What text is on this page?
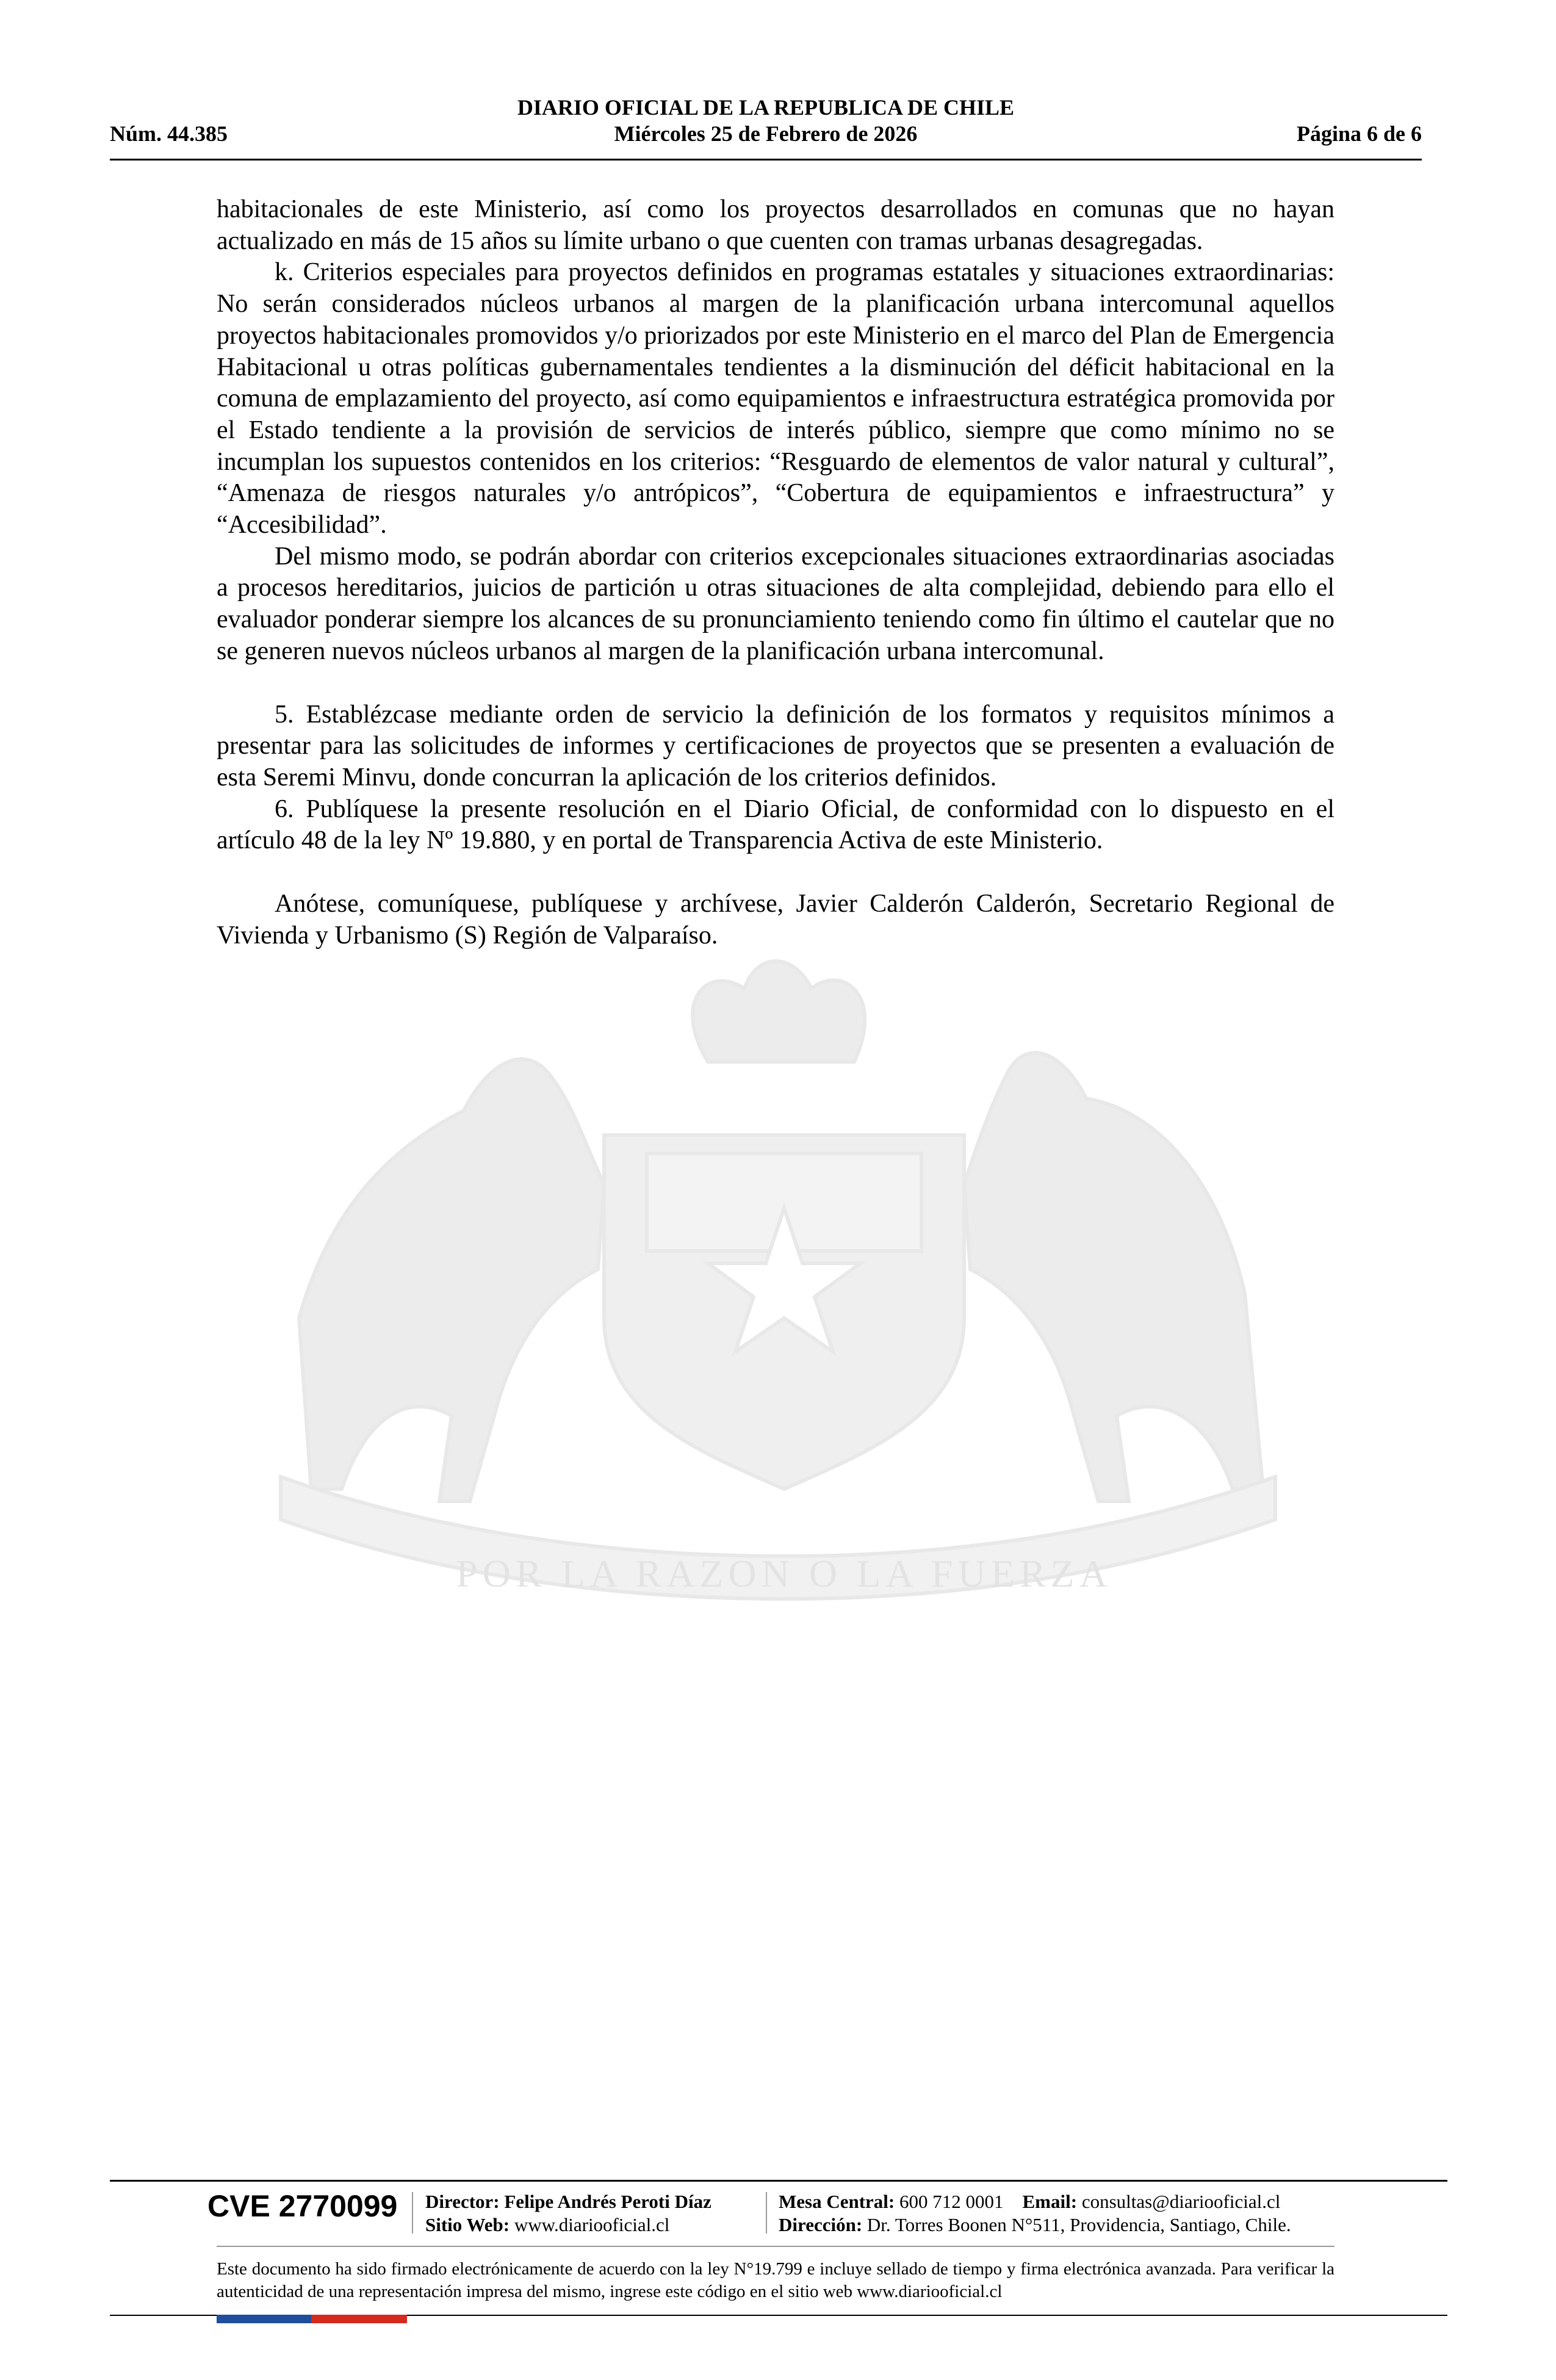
DIARIO OFICIAL DE LA REPUBLICA DE CHILE
Núm. 44.385	Miércoles 25 de Febrero de 2026	Página 6 de 6
POR LA RAZON O LA FUERZA

habitacionales de este Ministerio, así como los proyectos desarrollados en comunas que no hayan actualizado en más de 15 años su límite urbano o que cuenten con tramas urbanas desagregadas.

k. Criterios especiales para proyectos definidos en programas estatales y situaciones extraordinarias: No serán considerados núcleos urbanos al margen de la planificación urbana intercomunal aquellos proyectos habitacionales promovidos y/o priorizados por este Ministerio en el marco del Plan de Emergencia Habitacional u otras políticas gubernamentales tendientes a la disminución del déficit habitacional en la comuna de emplazamiento del proyecto, así como equipamientos e infraestructura estratégica promovida por el Estado tendiente a la provisión de servicios de interés público, siempre que como mínimo no se incumplan los supuestos contenidos en los criterios: “Resguardo de elementos de valor natural y cultural”, “Amenaza de riesgos naturales y/o antrópicos”, “Cobertura de equipamientos e infraestructura” y “Accesibilidad”.

Del mismo modo, se podrán abordar con criterios excepcionales situaciones extraordinarias asociadas a procesos hereditarios, juicios de partición u otras situaciones de alta complejidad, debiendo para ello el evaluador ponderar siempre los alcances de su pronunciamiento teniendo como fin último el cautelar que no se generen nuevos núcleos urbanos al margen de la planificación urbana intercomunal.

5. Establézcase mediante orden de servicio la definición de los formatos y requisitos mínimos a presentar para las solicitudes de informes y certificaciones de proyectos que se presenten a evaluación de esta Seremi Minvu, donde concurran la aplicación de los criterios definidos.

6. Publíquese la presente resolución en el Diario Oficial, de conformidad con lo dispuesto en el artículo 48 de la ley Nº 19.880, y en portal de Transparencia Activa de este Ministerio.

Anótese, comuníquese, publíquese y archívese, Javier Calderón Calderón, Secretario Regional de Vivienda y Urbanismo (S) Región de Valparaíso.

CVE 2770099 Director: Felipe Andrés Peroti Díaz
Sitio Web: www.diariooficial.cl
Mesa Central: 600 712 0001 Email: consultas@diariooficial.cl
Dirección: Dr. Torres Boonen N°511, Providencia, Santiago, Chile.
Este documento ha sido firmado electrónicamente de acuerdo con la ley N°19.799 e incluye sellado de tiempo y firma electrónica avanzada. Para verificar la autenticidad de una representación impresa del mismo, ingrese este código en el sitio web www.diariooficial.cl
